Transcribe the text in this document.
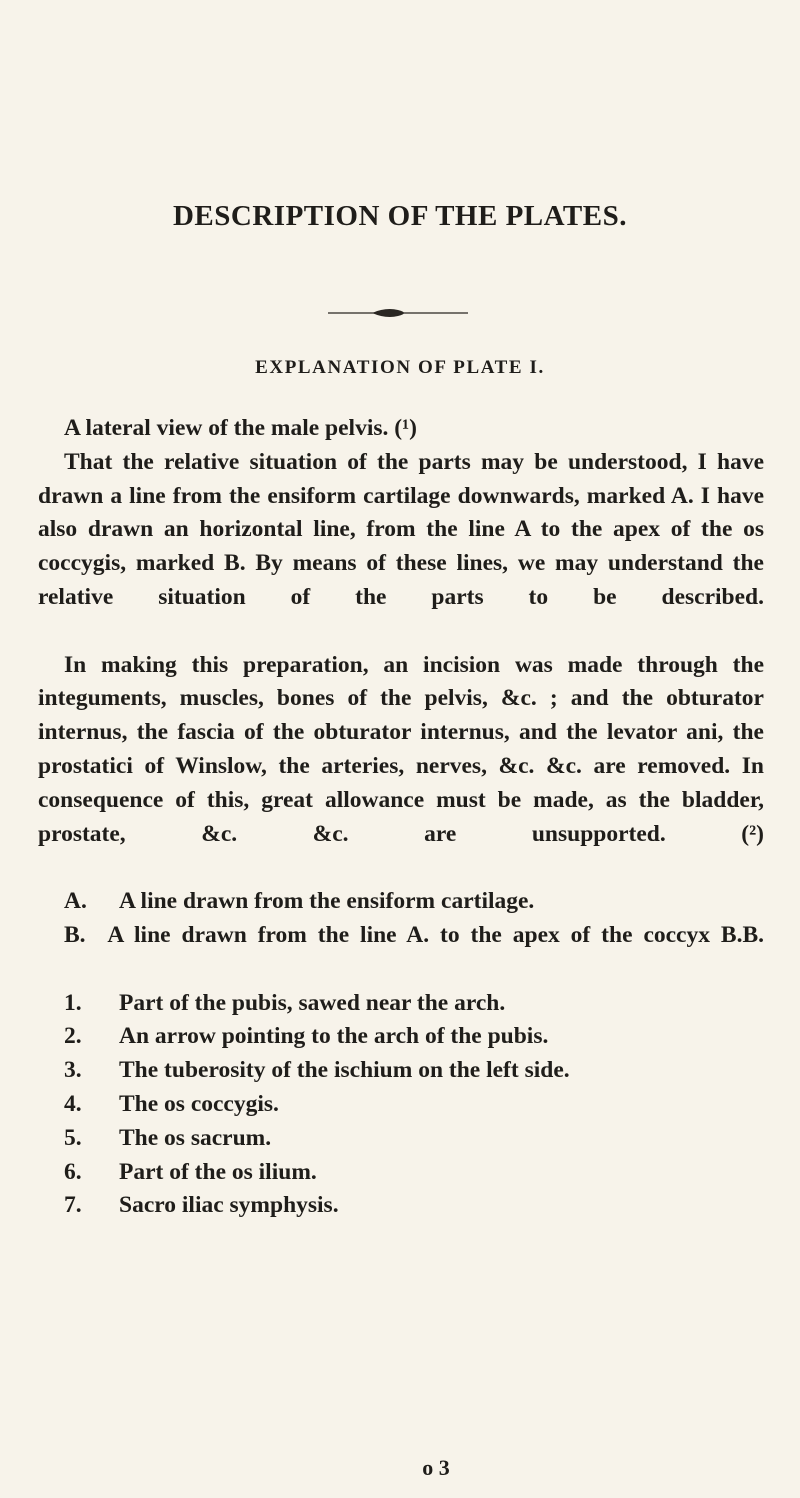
DESCRIPTION OF THE PLATES.
EXPLANATION OF PLATE I.
A lateral view of the male pelvis. (¹)
That the relative situation of the parts may be understood, I have drawn a line from the ensiform cartilage downwards, marked A. I have also drawn an horizontal line, from the line A to the apex of the os coccygis, marked B. By means of these lines, we may understand the relative situation of the parts to be described.
In making this preparation, an incision was made through the integuments, muscles, bones of the pelvis, &c. ; and the obturator internus, the fascia of the obturator internus, and the levator ani, the prostatici of Winslow, the arteries, nerves, &c. &c. are removed. In consequence of this, great allowance must be made, as the bladder, prostate, &c. &c. are unsupported. (²)
A.	A line drawn from the ensiform cartilage.
B. A line drawn from the line A. to the apex of the coccyx B.B.
1.	Part of the pubis, sawed near the arch.
2.	An arrow pointing to the arch of the pubis.
3.	The tuberosity of the ischium on the left side.
4.	The os coccygis.
5.	The os sacrum.
6.	Part of the os ilium.
7.	Sacro iliac symphysis.
o 3
